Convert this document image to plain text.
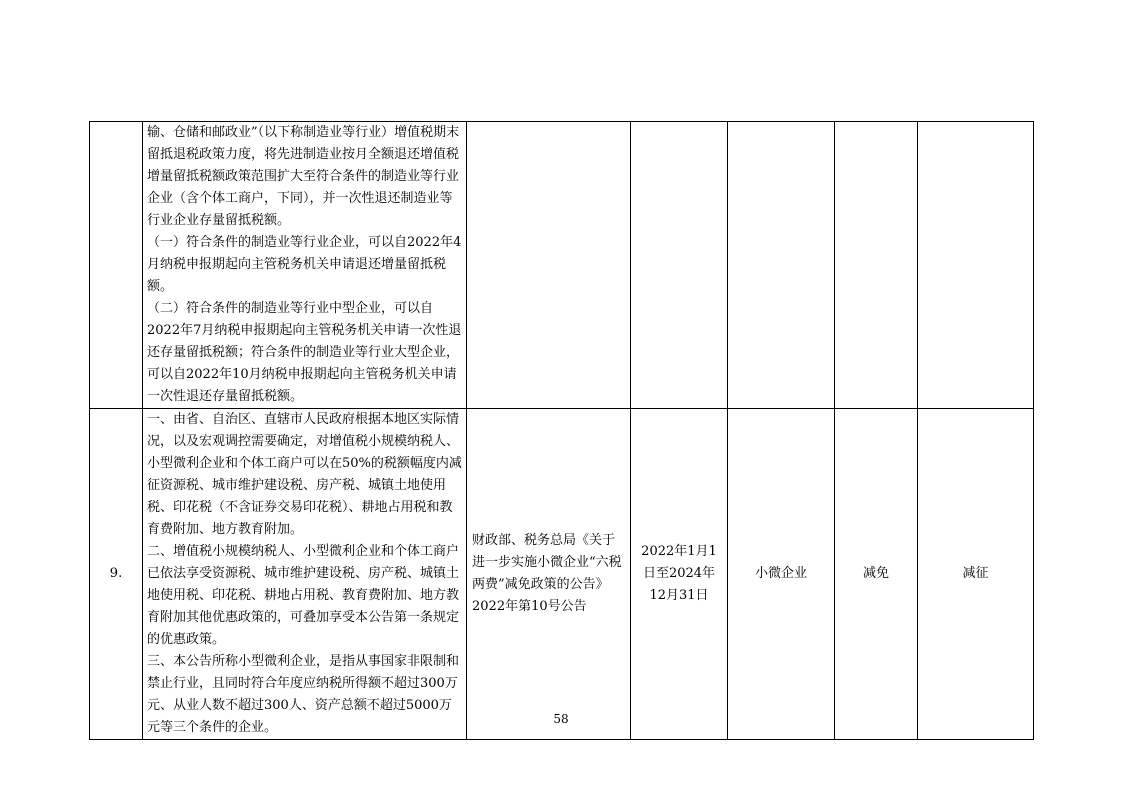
	输、仓储和邮政业”（以下称制造业等行业）增值税期末留抵退税政策力度，将先进制造业按月全额退还增值税增量留抵税额政策范围扩大至符合条件的制造业等行业企业（含个体工商户，下同），并一次性退还制造业等行业企业存量留抵税额。

（一）符合条件的制造业等行业企业，可以自2022年4月纳税申报期起向主管税务机关申请退还增量留抵税额。

（二）符合条件的制造业等行业中型企业，可以自2022年7月纳税申报期起向主管税务机关申请一次性退还存量留抵税额；符合条件的制造业等行业大型企业，可以自2022年10月纳税申报期起向主管税务机关申请一次性退还存量留抵税额。					

9.	一、由省、自治区、直辖市人民政府根据本地区实际情况，以及宏观调控需要确定，对增值税小规模纳税人、小型微利企业和个体工商户可以在50%的税额幅度内减征资源税、城市维护建设税、房产税、城镇土地使用税、印花税（不含证券交易印花税）、耕地占用税和教育费附加、地方教育附加。

二、增值税小规模纳税人、小型微利企业和个体工商户已依法享受资源税、城市维护建设税、房产税、城镇土地使用税、印花税、耕地占用税、教育费附加、地方教育附加其他优惠政策的，可叠加享受本公告第一条规定的优惠政策。

三、本公告所称小型微利企业，是指从事国家非限制和禁止行业，且同时符合年度应纳税所得额不超过300万元、从业人数不超过300人、资产总额不超过5000万元等三个条件的企业。	财政部、税务总局《关于进一步实施小微企业“六税两费”减免政策的公告》2022年第10号公告	2022年1月1日至2024年12月31日	小微企业	减免	减征
58
